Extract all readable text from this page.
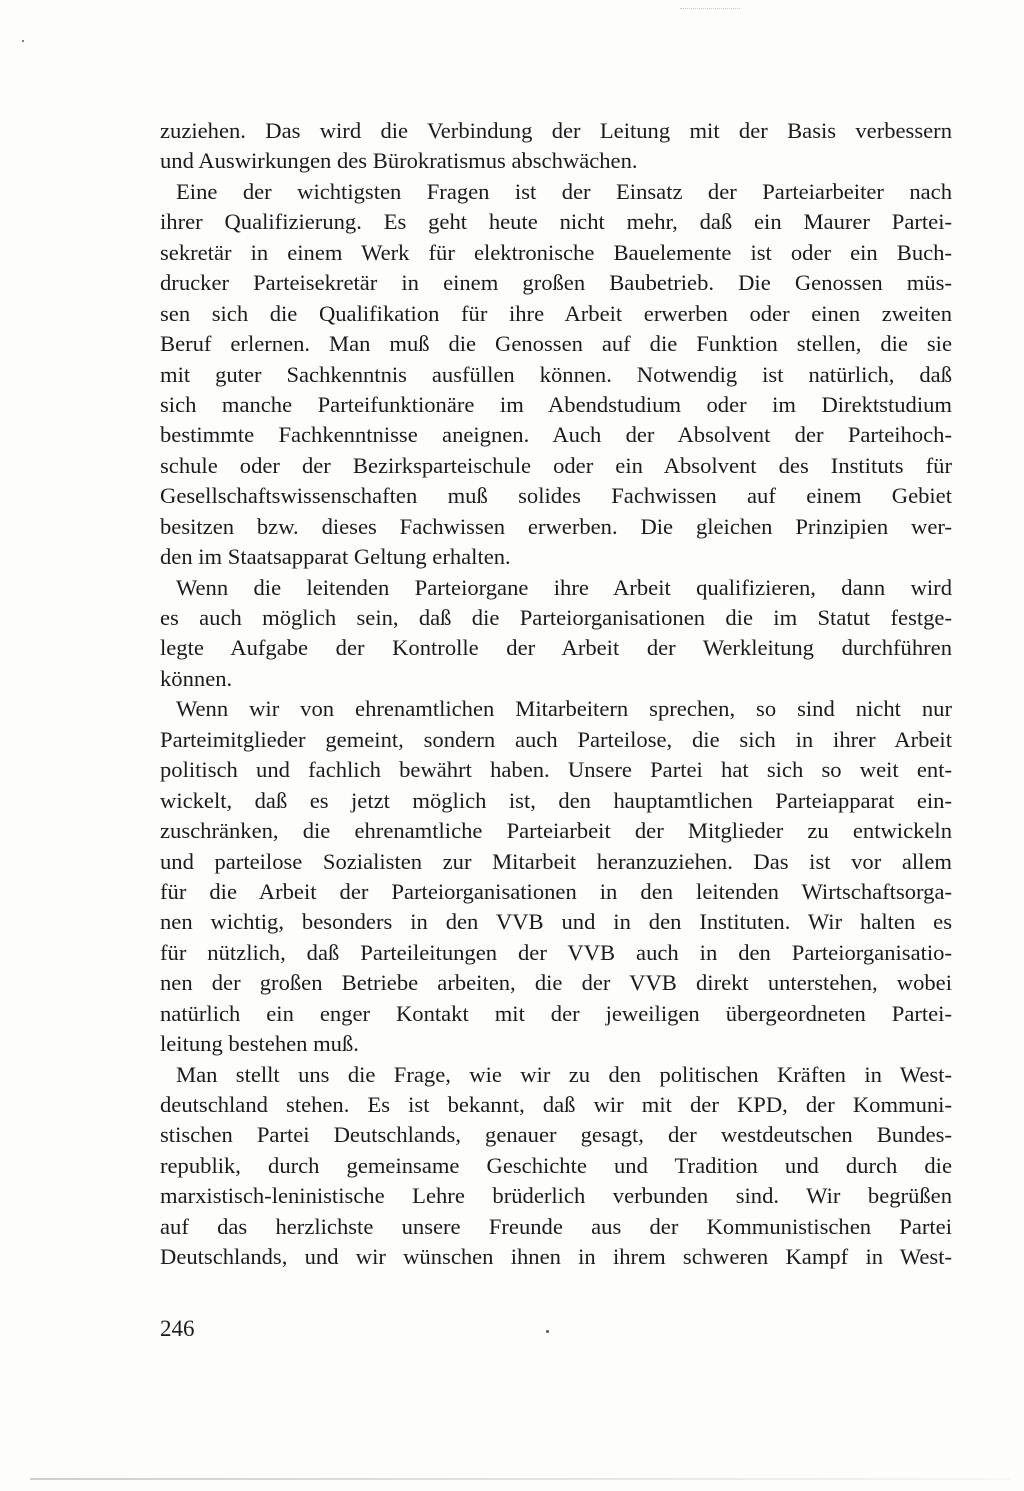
zuziehen. Das wird die Verbindung der Leitung mit der Basis verbessern
und Auswirkungen des Bürokratismus abschwächen.
Eine der wichtigsten Fragen ist der Einsatz der Parteiarbeiter nach
ihrer Qualifizierung. Es geht heute nicht mehr, daß ein Maurer Partei-
sekretär in einem Werk für elektronische Bauelemente ist oder ein Buch-
drucker Parteisekretär in einem großen Baubetrieb. Die Genossen müs-
sen sich die Qualifikation für ihre Arbeit erwerben oder einen zweiten
Beruf erlernen. Man muß die Genossen auf die Funktion stellen, die sie
mit guter Sachkenntnis ausfüllen können. Notwendig ist natürlich, daß
sich manche Parteifunktionäre im Abendstudium oder im Direktstudium
bestimmte Fachkenntnisse aneignen. Auch der Absolvent der Parteihoch-
schule oder der Bezirksparteischule oder ein Absolvent des Instituts für
Gesellschaftswissenschaften muß solides Fachwissen auf einem Gebiet
besitzen bzw. dieses Fachwissen erwerben. Die gleichen Prinzipien wer-
den im Staatsapparat Geltung erhalten.
Wenn die leitenden Parteiorgane ihre Arbeit qualifizieren, dann wird
es auch möglich sein, daß die Parteiorganisationen die im Statut festge-
legte Aufgabe der Kontrolle der Arbeit der Werkleitung durchführen
können.
Wenn wir von ehrenamtlichen Mitarbeitern sprechen, so sind nicht nur
Parteimitglieder gemeint, sondern auch Parteilose, die sich in ihrer Arbeit
politisch und fachlich bewährt haben. Unsere Partei hat sich so weit ent-
wickelt, daß es jetzt möglich ist, den hauptamtlichen Parteiapparat ein-
zuschränken, die ehrenamtliche Parteiarbeit der Mitglieder zu entwickeln
und parteilose Sozialisten zur Mitarbeit heranzuziehen. Das ist vor allem
für die Arbeit der Parteiorganisationen in den leitenden Wirtschaftsorga-
nen wichtig, besonders in den VVB und in den Instituten. Wir halten es
für nützlich, daß Parteileitungen der VVB auch in den Parteiorganisatio-
nen der großen Betriebe arbeiten, die der VVB direkt unterstehen, wobei
natürlich ein enger Kontakt mit der jeweiligen übergeordneten Partei-
leitung bestehen muß.
Man stellt uns die Frage, wie wir zu den politischen Kräften in West-
deutschland stehen. Es ist bekannt, daß wir mit der KPD, der Kommuni-
stischen Partei Deutschlands, genauer gesagt, der westdeutschen Bundes-
republik, durch gemeinsame Geschichte und Tradition und durch die
marxistisch-leninistische Lehre brüderlich verbunden sind. Wir begrüßen
auf das herzlichste unsere Freunde aus der Kommunistischen Partei
Deutschlands, und wir wünschen ihnen in ihrem schweren Kampf in West-
246
